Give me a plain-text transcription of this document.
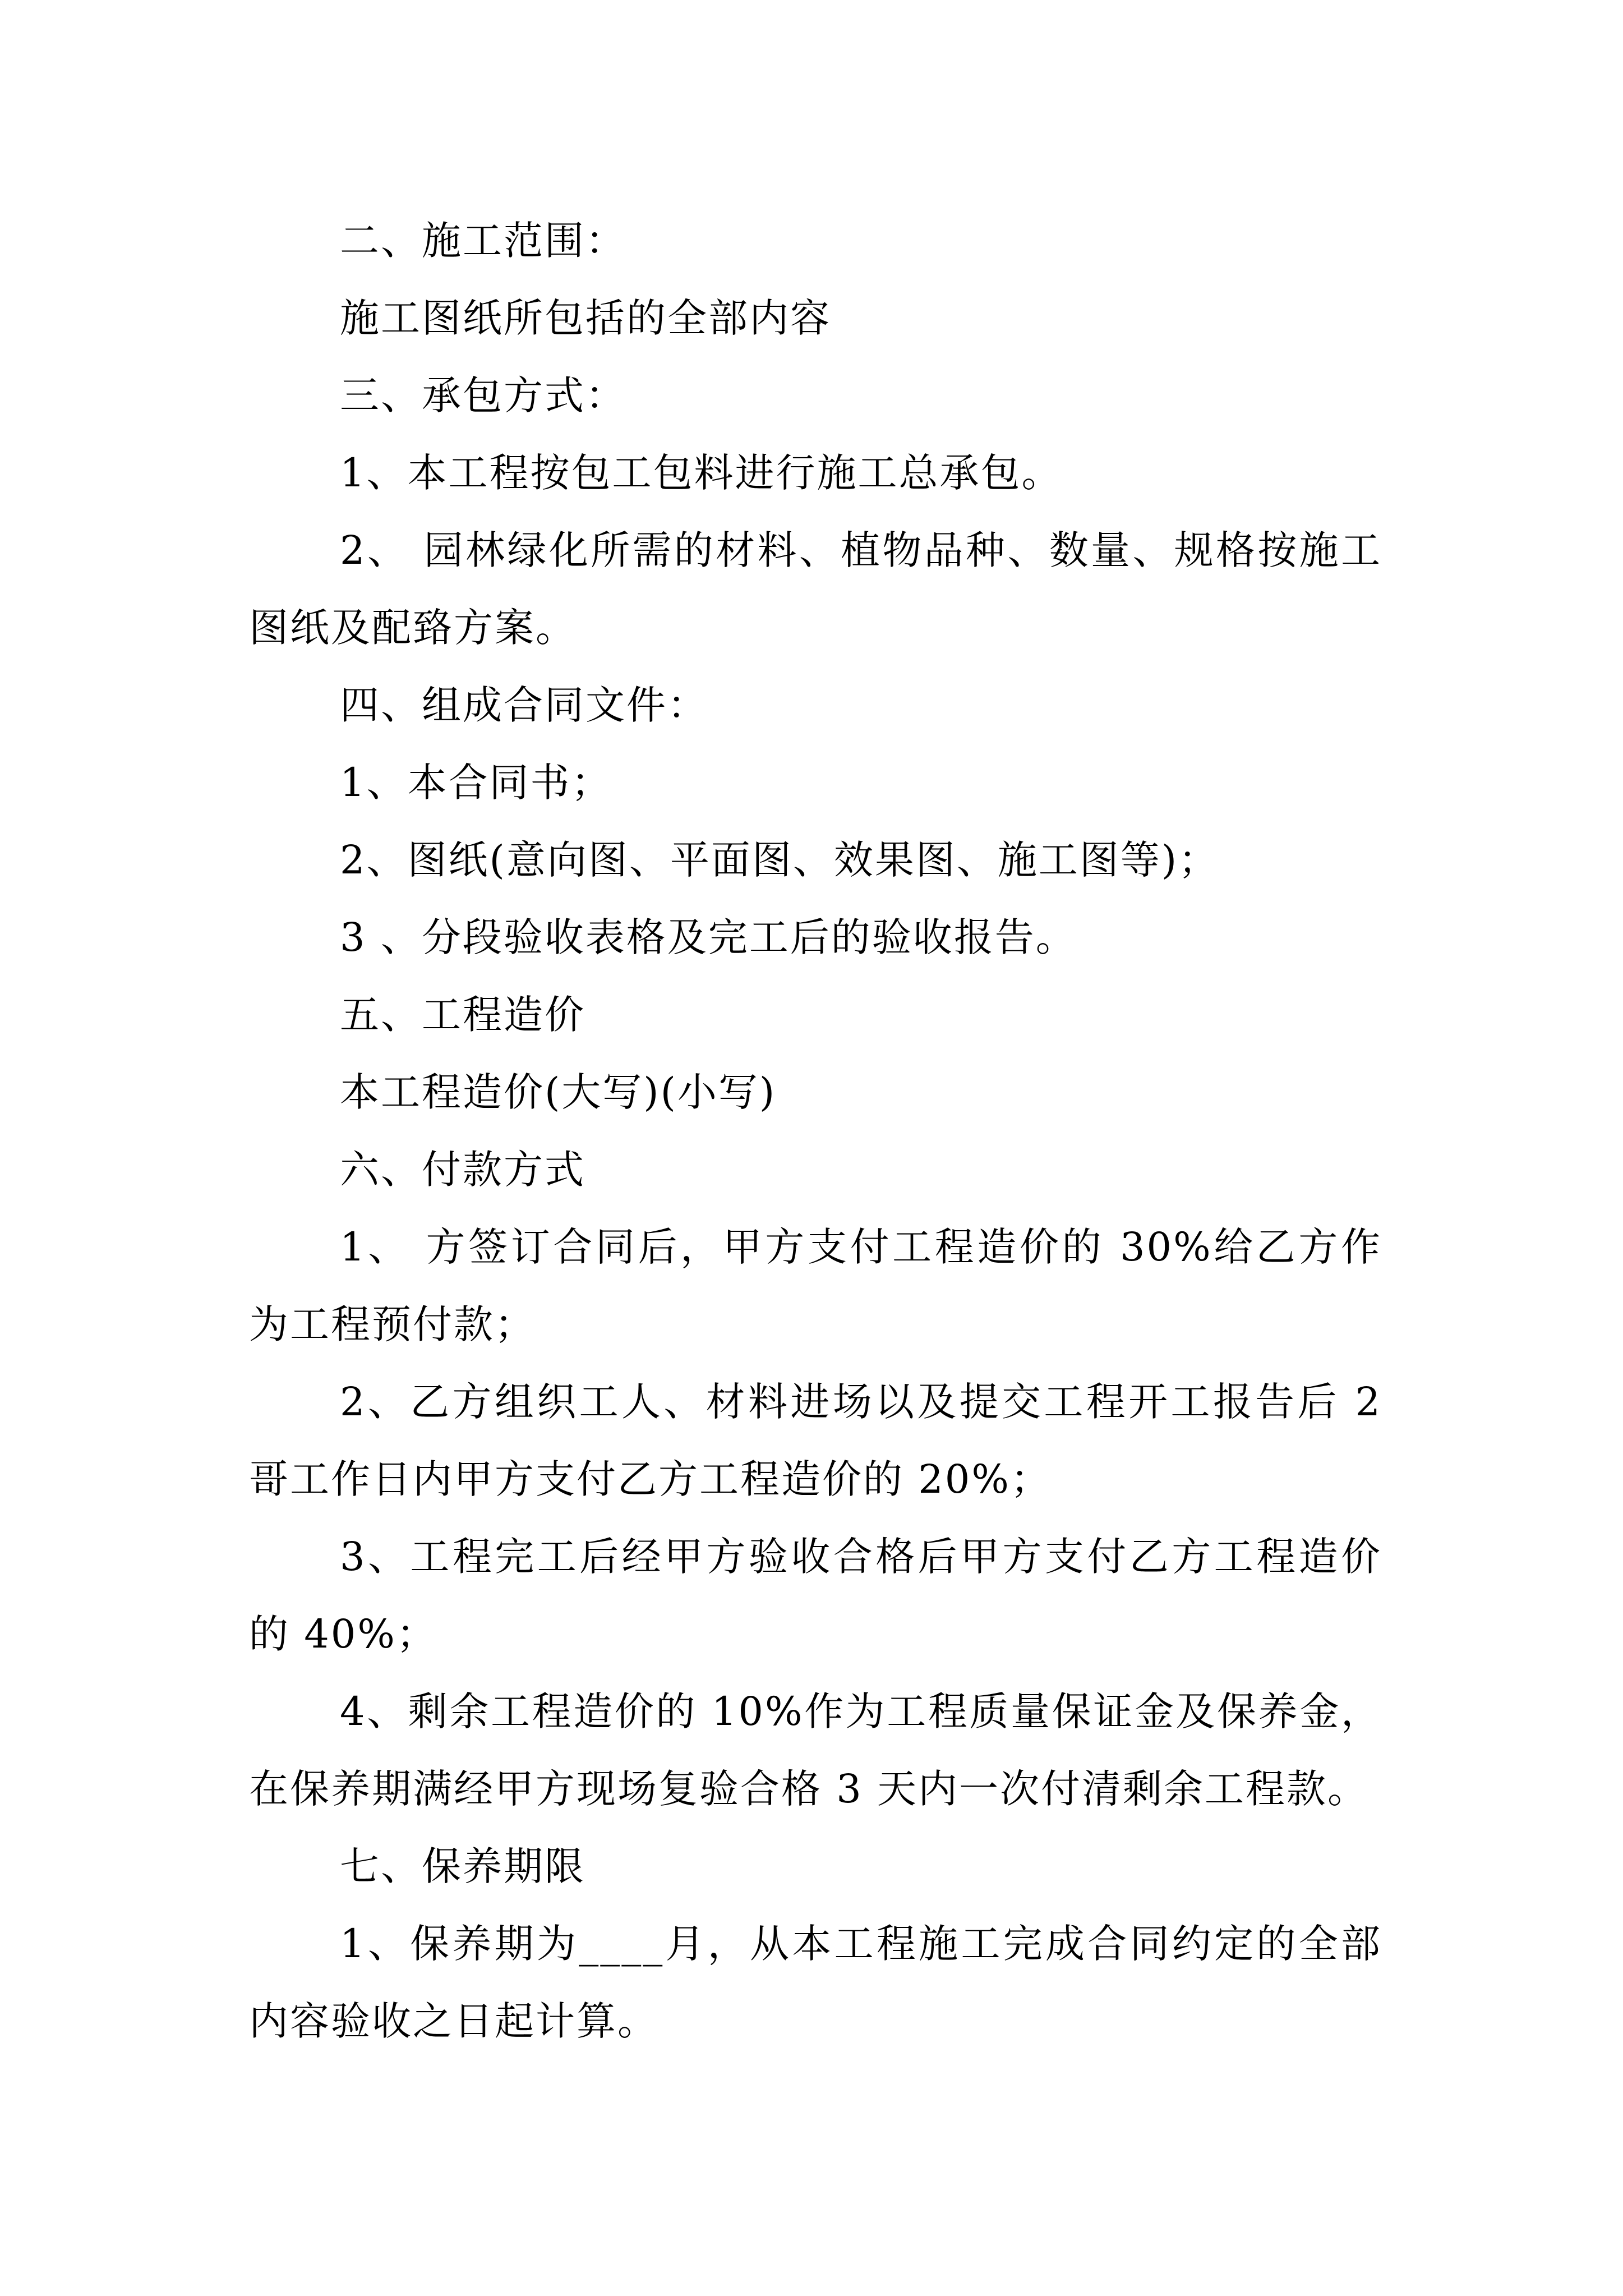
二、施工范围：

施工图纸所包括的全部内容

三、承包方式：

1、本工程按包工包料进行施工总承包。

2、 园林绿化所需的材料、植物品种、数量、规格按施工图纸及配臵方案。

四、组成合同文件：

1、本合同书；

2、图纸(意向图、平面图、效果图、施工图等)；

3 、分段验收表格及完工后的验收报告。

五、工程造价

本工程造价(大写)(小写)

六、付款方式

1、 方签订合同后，甲方支付工程造价的 30%给乙方作为工程预付款；

2、乙方组织工人、材料进场以及提交工程开工报告后 2 哥工作日内甲方支付乙方工程造价的 20%；

3、工程完工后经甲方验收合格后甲方支付乙方工程造价的 40%；

4、剩余工程造价的 10%作为工程质量保证金及保养金，在保养期满经甲方现场复验合格 3 天内一次付清剩余工程款。

七、保养期限

1、保养期为____月，从本工程施工完成合同约定的全部内容验收之日起计算。
